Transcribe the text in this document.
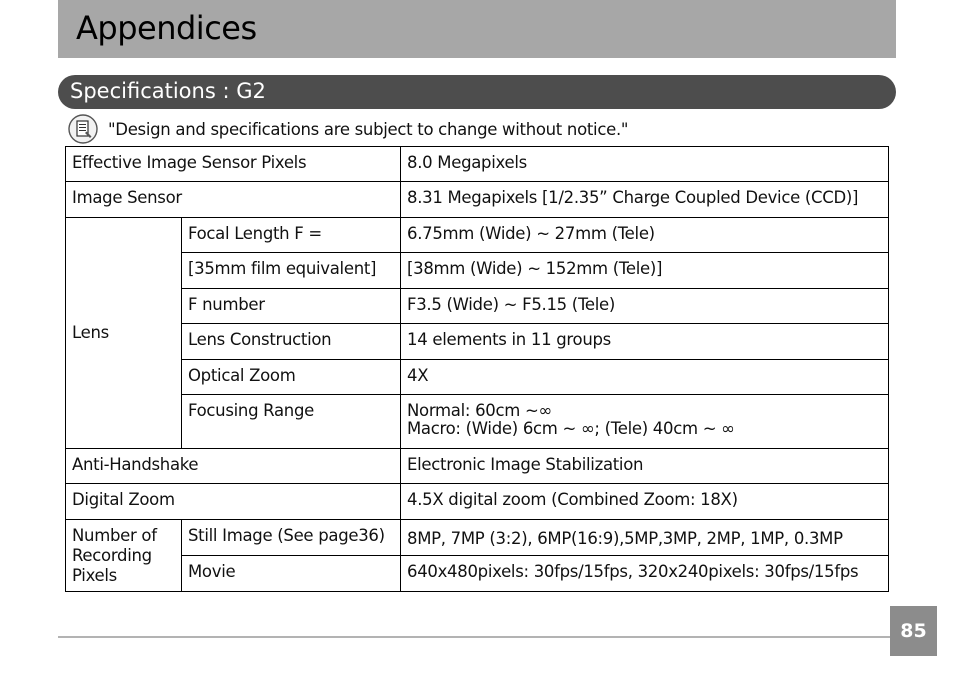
Appendices
Specifications : G2
"Design and specifications are subject to change without notice."
Effective Image Sensor Pixels		8.0 Megapixels
Image Sensor		8.31 Megapixels [1/2.35” Charge Coupled Device (CCD)]
Lens	Focal Length F =	6.75mm (Wide) ~ 27mm (Tele)
	[35mm film equivalent]	[38mm (Wide) ~ 152mm (Tele)]
	F number	F3.5 (Wide) ~ F5.15 (Tele)
	Lens Construction	14 elements in 11 groups
	Optical Zoom	4X
	Focusing Range	Normal: 60cm ~∞
Macro: (Wide) 6cm ~ ∞; (Tele) 40cm ~ ∞

Anti-Handshake		Electronic Image Stabilization
Digital Zoom		4.5X digital zoom (Combined Zoom: 18X)
Number of Recording Pixels	Still Image (See page36)	8MP, 7MP (3:2), 6MP(16:9),5MP,3MP, 2MP, 1MP, 0.3MP
	Movie	640x480pixels: 30fps/15fps, 320x240pixels: 30fps/15fps
85
